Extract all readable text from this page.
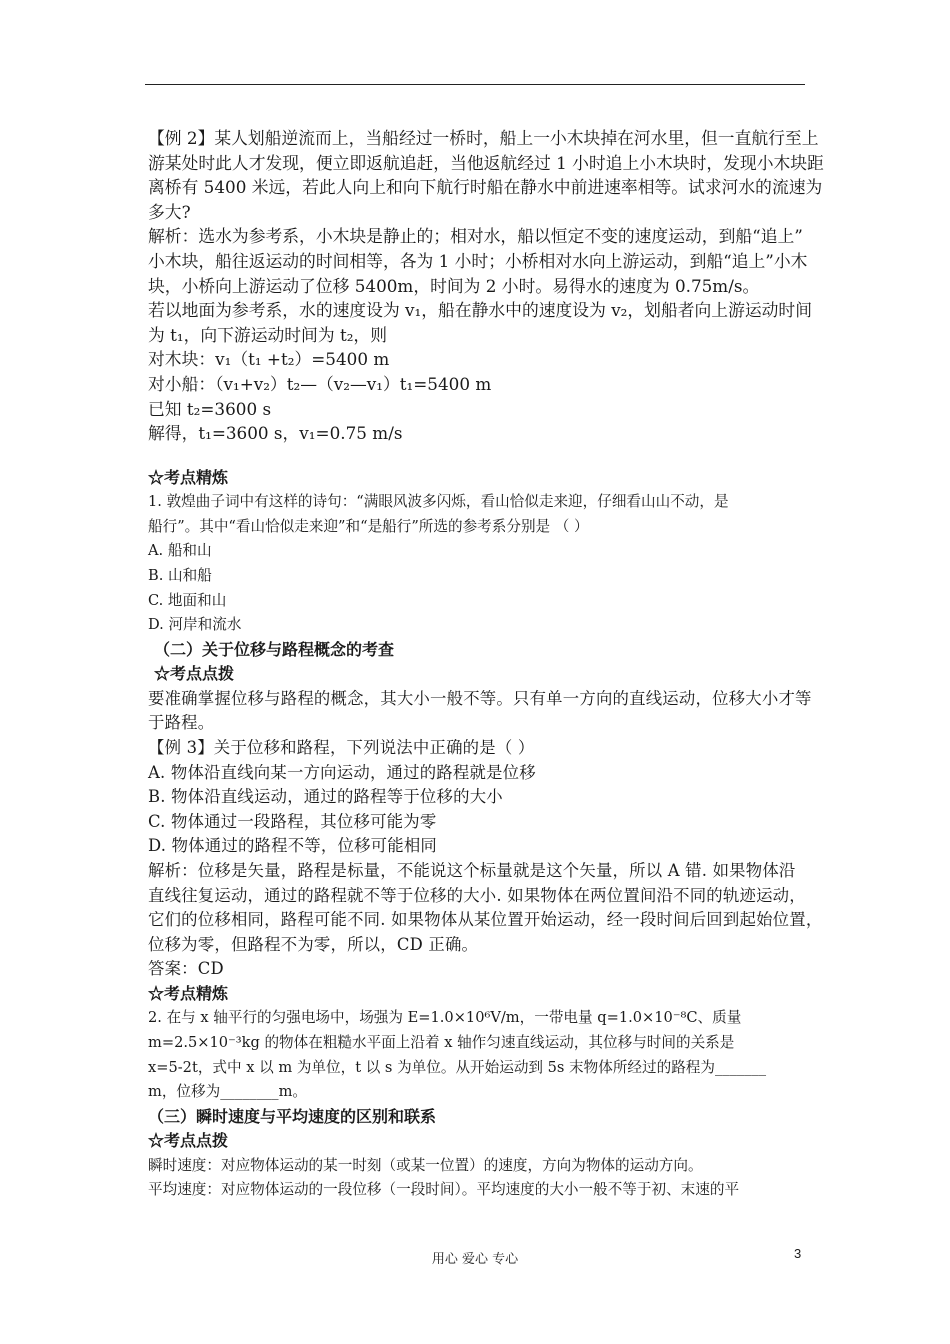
【例 2】某人划船逆流而上，当船经过一桥时，船上一小木块掉在河水里，但一直航行至上
游某处时此人才发现，便立即返航追赶，当他返航经过 1 小时追上小木块时，发现小木块距
离桥有 5400 米远，若此人向上和向下航行时船在静水中前进速率相等。试求河水的流速为
多大?
解析：选水为参考系，小木块是静止的；相对水，船以恒定不变的速度运动，到船“追上”
小木块，船往返运动的时间相等，各为 1 小时；小桥相对水向上游运动，到船“追上”小木
块，小桥向上游运动了位移 5400m，时间为 2 小时。易得水的速度为 0.75m/s。
若以地面为参考系，水的速度设为 v₁，船在静水中的速度设为 v₂，划船者向上游运动时间
为 t₁，向下游运动时间为 t₂，则
对木块：v₁（t₁ +t₂）=5400 m
对小船：（v₁+v₂）t₂—（v₂—v₁）t₁=5400 m
已知 t₂=3600 s
解得，t₁=3600 s，v₁=0.75 m/s
☆考点精炼
1. 敦煌曲子词中有这样的诗句：“满眼风波多闪烁，看山恰似走来迎，仔细看山山不动，是
船行”。其中“看山恰似走来迎”和“是船行”所选的参考系分别是 （ ）
A. 船和山
B. 山和船
C. 地面和山
D. 河岸和流水
（二）关于位移与路程概念的考查
☆考点点拨
要准确掌握位移与路程的概念，其大小一般不等。只有单一方向的直线运动，位移大小才等
于路程。
【例 3】关于位移和路程，下列说法中正确的是（ ）
A. 物体沿直线向某一方向运动，通过的路程就是位移
B. 物体沿直线运动，通过的路程等于位移的大小
C. 物体通过一段路程，其位移可能为零
D. 物体通过的路程不等，位移可能相同
解析：位移是矢量，路程是标量，不能说这个标量就是这个矢量，所以 A 错. 如果物体沿
直线往复运动，通过的路程就不等于位移的大小. 如果物体在两位置间沿不同的轨迹运动，
它们的位移相同，路程可能不同. 如果物体从某位置开始运动，经一段时间后回到起始位置，
位移为零，但路程不为零，所以，CD 正确。
答案：CD
☆考点精炼
2. 在与 x 轴平行的匀强电场中，场强为 E=1.0×10⁶V/m，一带电量 q=1.0×10⁻⁸C、质量
m=2.5×10⁻³kg 的物体在粗糙水平面上沿着 x 轴作匀速直线运动，其位移与时间的关系是
x=5-2t，式中 x 以 m 为单位，t 以 s 为单位。从开始运动到 5s 末物体所经过的路程为_______
m，位移为________m。
（三）瞬时速度与平均速度的区别和联系
☆考点点拨
瞬时速度：对应物体运动的某一时刻（或某一位置）的速度，方向为物体的运动方向。
平均速度：对应物体运动的一段位移（一段时间）。平均速度的大小一般不等于初、末速的平
用心 爱心 专心	3
